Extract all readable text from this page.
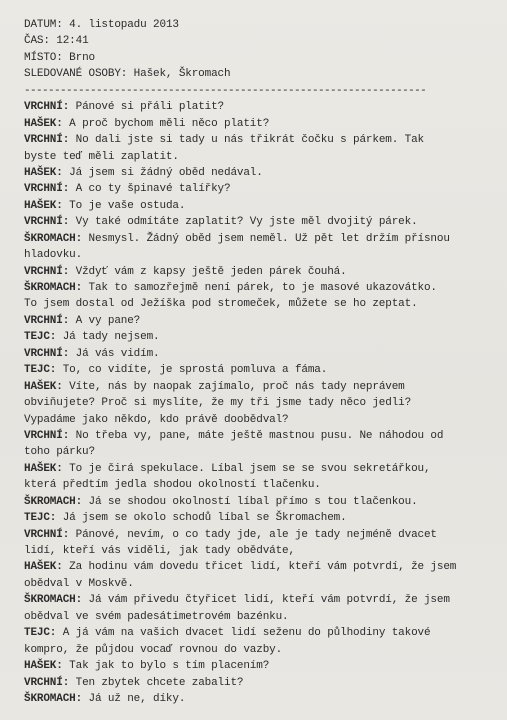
DATUM: 4. listopadu 2013
ČAS: 12:41
MÍSTO: Brno
SLEDOVANÉ OSOBY: Hašek, Škromach
-------------------------------------------------------------------
VRCHNÍ: Pánové si přáli platit?
HAŠEK: A proč bychom měli něco platit?
VRCHNÍ: No dali jste si tady u nás třikrát čočku s párkem. Tak
byste teď měli zaplatit.
HAŠEK: Já jsem si žádný oběd nedával.
VRCHNÍ: A co ty špinavé talířky?
HAŠEK: To je vaše ostuda.
VRCHNÍ: Vy také odmítáte zaplatit? Vy jste měl dvojitý párek.
ŠKROMACH: Nesmysl. Žádný oběd jsem neměl. Už pět let držím přísnou
hladovku.
VRCHNÍ: Vždyť vám z kapsy ještě jeden párek čouhá.
ŠKROMACH: Tak to samozřejmě není párek, to je masové ukazovátko.
To jsem dostal od Ježíška pod stromeček, můžete se ho zeptat.
VRCHNÍ: A vy pane?
TEJC: Já tady nejsem.
VRCHNÍ: Já vás vidím.
TEJC: To, co vidíte, je sprostá pomluva a fáma.
HAŠEK: Víte, nás by naopak zajímalo, proč nás tady neprávem
obviňujete? Proč si myslíte, že my tři jsme tady něco jedli?
Vypadáme jako někdo, kdo právě doobědval?
VRCHNÍ: No třeba vy, pane, máte ještě mastnou pusu. Ne náhodou od
toho párku?
HAŠEK: To je čirá spekulace. Líbal jsem se se svou sekretářkou,
která předtím jedla shodou okolností tlačenku.
ŠKROMACH: Já se shodou okolností líbal přímo s tou tlačenkou.
TEJC: Já jsem se okolo schodů líbal se Škromachem.
VRCHNÍ: Pánové, nevím, o co tady jde, ale je tady nejméně dvacet
lidí, kteří vás viděli, jak tady obědváte,
HAŠEK: Za hodinu vám dovedu třicet lidí, kteří vám potvrdí, že jsem
obědval v Moskvě.
ŠKROMACH: Já vám přivedu čtyřicet lidí, kteří vám potvrdí, že jsem
obědval ve svém padesátimetrovém bazénku.
TEJC: A já vám na vašich dvacet lidí seženu do půlhodiny takové
kompro, že půjdou vocaď rovnou do vazby.
HAŠEK: Tak jak to bylo s tím placením?
VRCHNÍ: Ten zbytek chcete zabalit?
ŠKROMACH: Já už ne, díky.
